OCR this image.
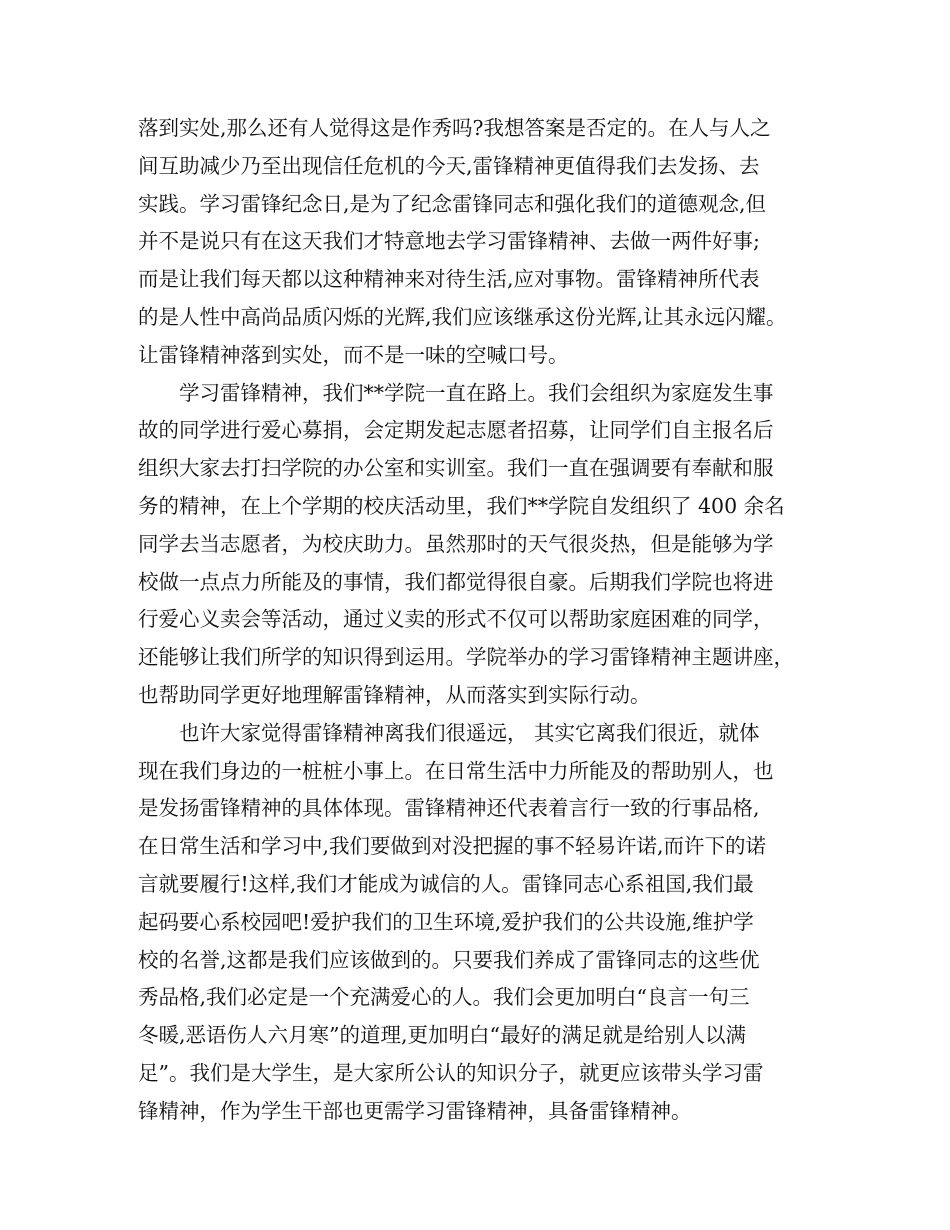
落到实处,那么还有人觉得这是作秀吗?我想答案是否定的。在人与人之
间互助减少乃至出现信任危机的今天,雷锋精神更值得我们去发扬、去
实践。学习雷锋纪念日,是为了纪念雷锋同志和强化我们的道德观念,但
并不是说只有在这天我们才特意地去学习雷锋精神、去做一两件好事;
而是让我们每天都以这种精神来对待生活,应对事物。雷锋精神所代表
的是人性中高尚品质闪烁的光辉,我们应该继承这份光辉,让其永远闪耀。
让雷锋精神落到实处，而不是一味的空喊口号。
学习雷锋精神，我们**学院一直在路上。我们会组织为家庭发生事
故的同学进行爱心募捐，会定期发起志愿者招募，让同学们自主报名后
组织大家去打扫学院的办公室和实训室。我们一直在强调要有奉献和服
务的精神，在上个学期的校庆活动里，我们**学院自发组织了 400 余名
同学去当志愿者，为校庆助力。虽然那时的天气很炎热，但是能够为学
校做一点点力所能及的事情，我们都觉得很自豪。后期我们学院也将进
行爱心义卖会等活动，通过义卖的形式不仅可以帮助家庭困难的同学，
还能够让我们所学的知识得到运用。学院举办的学习雷锋精神主题讲座，
也帮助同学更好地理解雷锋精神，从而落实到实际行动。
也许大家觉得雷锋精神离我们很遥远， 其实它离我们很近，就体
现在我们身边的一桩桩小事上。在日常生活中力所能及的帮助别人，也
是发扬雷锋精神的具体体现。雷锋精神还代表着言行一致的行事品格,
在日常生活和学习中,我们要做到对没把握的事不轻易许诺,而许下的诺
言就要履行!这样,我们才能成为诚信的人。雷锋同志心系祖国,我们最
起码要心系校园吧!爱护我们的卫生环境,爱护我们的公共设施,维护学
校的名誉,这都是我们应该做到的。只要我们养成了雷锋同志的这些优
秀品格,我们必定是一个充满爱心的人。我们会更加明白“良言一句三
冬暖,恶语伤人六月寒”的道理,更加明白“最好的满足就是给别人以满
足”。我们是大学生，是大家所公认的知识分子，就更应该带头学习雷
锋精神，作为学生干部也更需学习雷锋精神，具备雷锋精神。
